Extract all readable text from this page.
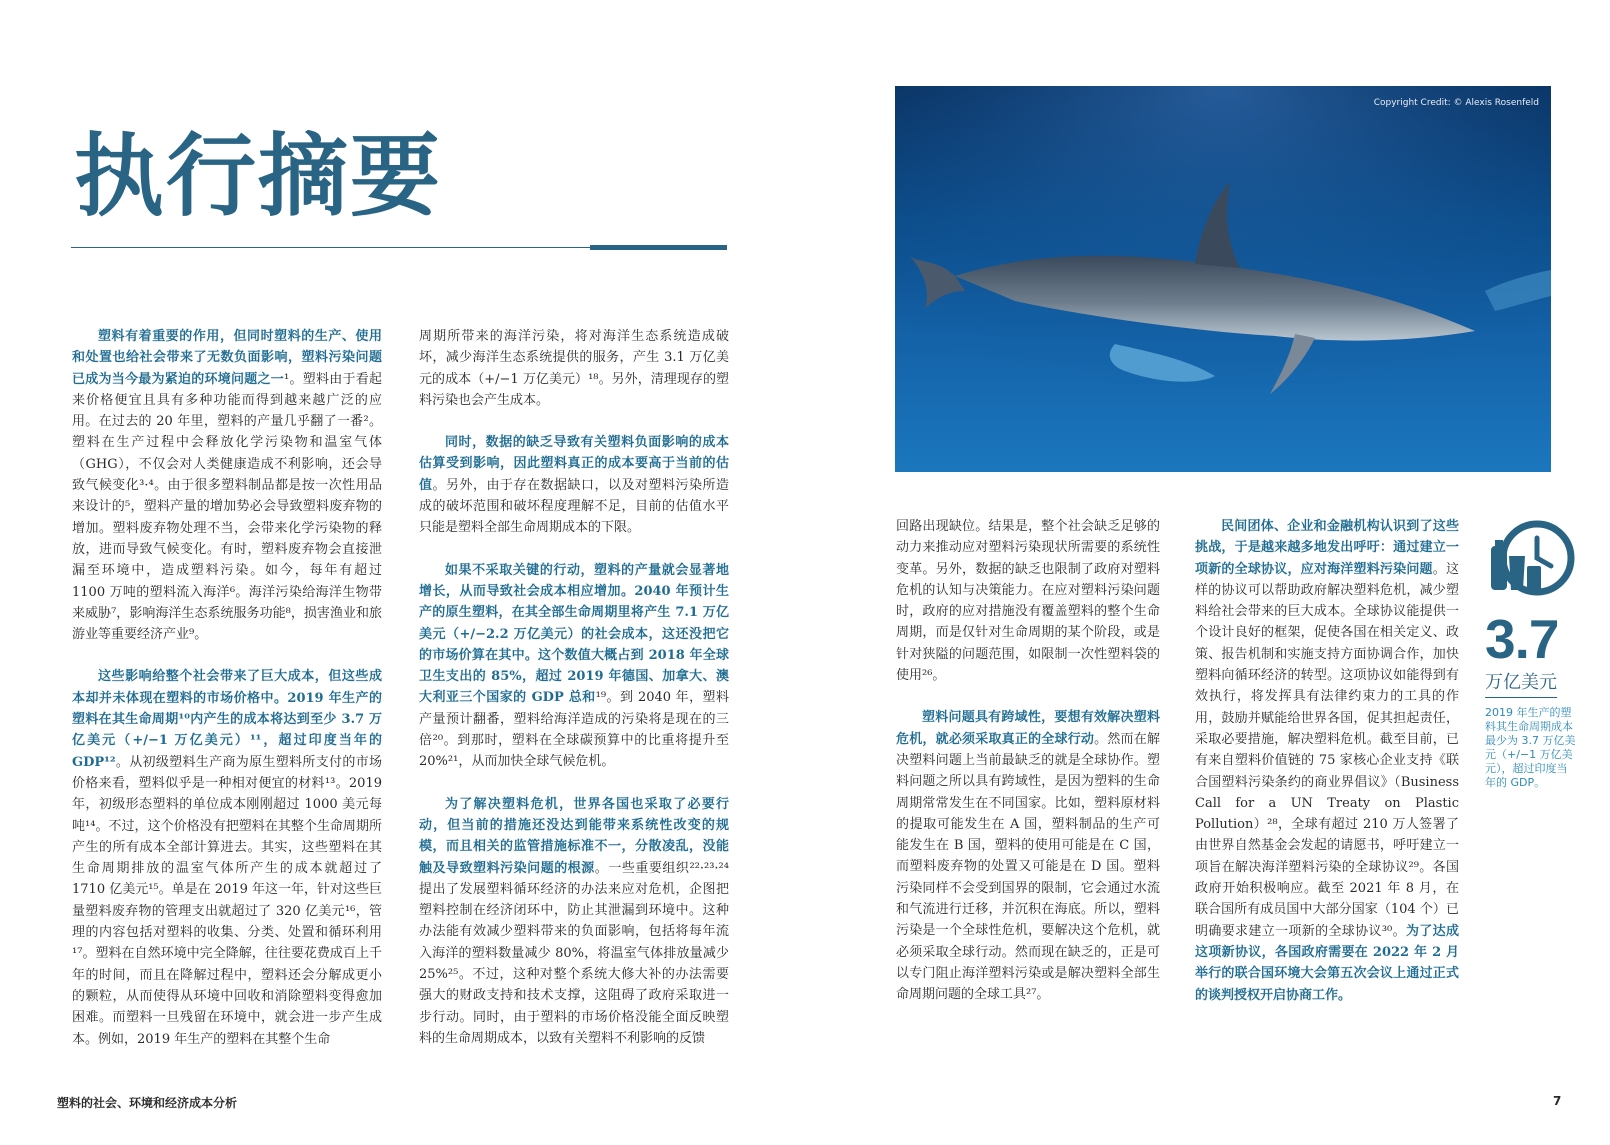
执行摘要
Copyright Credit: © Alexis Rosenfeld

塑料有着重要的作用，但同时塑料的生产、使用和处置也给社会带来了无数负面影响，塑料污染问题已成为当今最为紧迫的环境问题之一¹。塑料由于看起来价格便宜且具有多种功能而得到越来越广泛的应用。在过去的 20 年里，塑料的产量几乎翻了一番²。塑料在生产过程中会释放化学污染物和温室气体（GHG），不仅会对人类健康造成不利影响，还会导致气候变化³·⁴。由于很多塑料制品都是按一次性用品来设计的⁵，塑料产量的增加势必会导致塑料废弃物的增加。塑料废弃物处理不当，会带来化学污染物的释放，进而导致气候变化。有时，塑料废弃物会直接泄漏至环境中，造成塑料污染。如今，每年有超过 1100 万吨的塑料流入海洋⁶。海洋污染给海洋生物带来威胁⁷，影响海洋生态系统服务功能⁸，损害渔业和旅游业等重要经济产业⁹。

这些影响给整个社会带来了巨大成本，但这些成本却并未体现在塑料的市场价格中。2019 年生产的塑料在其生命周期¹⁰内产生的成本将达到至少 3.7 万亿美元（+/−1 万亿美元）¹¹，超过印度当年的 GDP¹²。从初级塑料生产商为原生塑料所支付的市场价格来看，塑料似乎是一种相对便宜的材料¹³。2019 年，初级形态塑料的单位成本刚刚超过 1000 美元每吨¹⁴。不过，这个价格没有把塑料在其整个生命周期所产生的所有成本全部计算进去。其实，这些塑料在其生命周期排放的温室气体所产生的成本就超过了 1710 亿美元¹⁵。单是在 2019 年这一年，针对这些巨量塑料废弃物的管理支出就超过了 320 亿美元¹⁶，管理的内容包括对塑料的收集、分类、处置和循环利用¹⁷。塑料在自然环境中完全降解，往往要花费成百上千年的时间，而且在降解过程中，塑料还会分解成更小的颗粒，从而使得从环境中回收和消除塑料变得愈加困难。而塑料一旦残留在环境中，就会进一步产生成本。例如，2019 年生产的塑料在其整个生命

周期所带来的海洋污染，将对海洋生态系统造成破坏，减少海洋生态系统提供的服务，产生 3.1 万亿美元的成本（+/−1 万亿美元）¹⁸。另外，清理现存的塑料污染也会产生成本。

同时，数据的缺乏导致有关塑料负面影响的成本估算受到影响，因此塑料真正的成本要高于当前的估值。另外，由于存在数据缺口，以及对塑料污染所造成的破坏范围和破坏程度理解不足，目前的估值水平只能是塑料全部生命周期成本的下限。

如果不采取关键的行动，塑料的产量就会显著地增长，从而导致社会成本相应增加。2040 年预计生产的原生塑料，在其全部生命周期里将产生 7.1 万亿美元（+/−2.2 万亿美元）的社会成本，这还没把它的市场价算在其中。这个数值大概占到 2018 年全球卫生支出的 85%，超过 2019 年德国、加拿大、澳大利亚三个国家的 GDP 总和¹⁹。到 2040 年，塑料产量预计翻番，塑料给海洋造成的污染将是现在的三倍²⁰。到那时，塑料在全球碳预算中的比重将提升至 20%²¹，从而加快全球气候危机。

为了解决塑料危机，世界各国也采取了必要行动，但当前的措施还没达到能带来系统性改变的规模，而且相关的监管措施标准不一，分散凌乱，没能触及导致塑料污染问题的根源。一些重要组织²²·²³·²⁴提出了发展塑料循环经济的办法来应对危机，企图把塑料控制在经济闭环中，防止其泄漏到环境中。这种办法能有效减少塑料带来的负面影响，包括将每年流入海洋的塑料数量减少 80%，将温室气体排放量减少 25%²⁵。不过，这种对整个系统大修大补的办法需要强大的财政支持和技术支撑，这阻碍了政府采取进一步行动。同时，由于塑料的市场价格没能全面反映塑料的生命周期成本，以致有关塑料不利影响的反馈

回路出现缺位。结果是，整个社会缺乏足够的动力来推动应对塑料污染现状所需要的系统性变革。另外，数据的缺乏也限制了政府对塑料危机的认知与决策能力。在应对塑料污染问题时，政府的应对措施没有覆盖塑料的整个生命周期，而是仅针对生命周期的某个阶段，或是针对狭隘的问题范围，如限制一次性塑料袋的使用²⁶。

塑料问题具有跨域性，要想有效解决塑料危机，就必须采取真正的全球行动。然而在解决塑料问题上当前最缺乏的就是全球协作。塑料问题之所以具有跨域性，是因为塑料的生命周期常常发生在不同国家。比如，塑料原材料的提取可能发生在 A 国，塑料制品的生产可能发生在 B 国，塑料的使用可能是在 C 国，而塑料废弃物的处置又可能是在 D 国。塑料污染同样不会受到国界的限制，它会通过水流和气流进行迁移，并沉积在海底。所以，塑料污染是一个全球性危机，要解决这个危机，就必须采取全球行动。然而现在缺乏的，正是可以专门阻止海洋塑料污染或是解决塑料全部生命周期问题的全球工具²⁷。

民间团体、企业和金融机构认识到了这些挑战，于是越来越多地发出呼吁：通过建立一项新的全球协议，应对海洋塑料污染问题。这样的协议可以帮助政府解决塑料危机，减少塑料给社会带来的巨大成本。全球协议能提供一个设计良好的框架，促使各国在相关定义、政策、报告机制和实施支持方面协调合作，加快塑料向循环经济的转型。这项协议如能得到有效执行，将发挥具有法律约束力的工具的作用，鼓励并赋能给世界各国，促其担起责任，采取必要措施，解决塑料危机。截至目前，已有来自塑料价值链的 75 家核心企业支持《联合国塑料污染条约的商业界倡议》（Business Call for a UN Treaty on Plastic Pollution）²⁸，全球有超过 210 万人签署了由世界自然基金会发起的请愿书，呼吁建立一项旨在解决海洋塑料污染的全球协议²⁹。各国政府开始积极响应。截至 2021 年 8 月，在联合国所有成员国中大部分国家（104 个）已明确要求建立一项新的全球协议³⁰。为了达成这项新协议，各国政府需要在 2022 年 2 月举行的联合国环境大会第五次会议上通过正式的谈判授权开启协商工作。

3.7
万亿美元
2019 年生产的塑料其生命周期成本最少为 3.7 万亿美元（+/−1 万亿美元），超过印度当年的 GDP。
塑料的社会、环境和经济成本分析	7
